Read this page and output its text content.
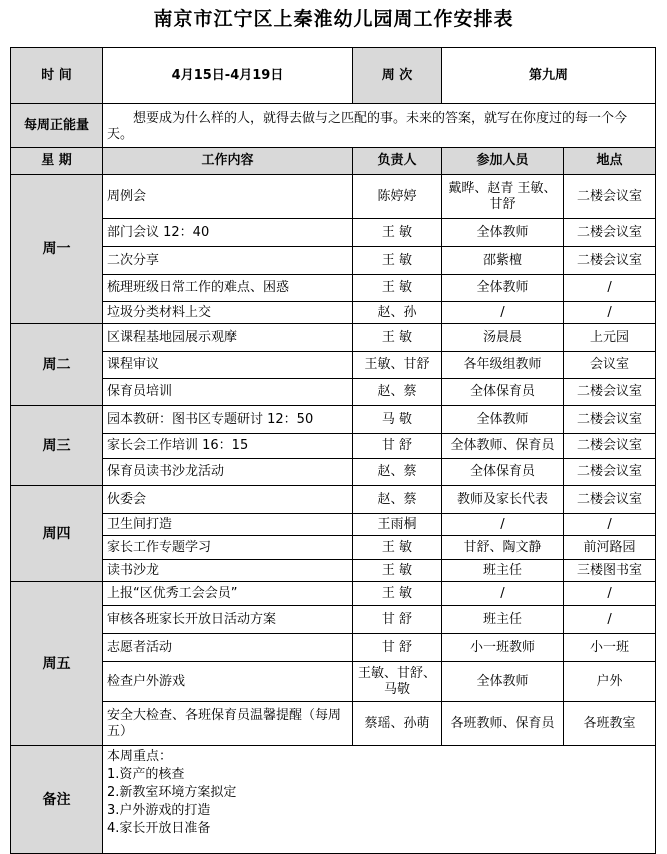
南京市江宁区上秦淮幼儿园周工作安排表
时 间	4月15日-4月19日	周 次	第九周	
每周正能量	想要成为什么样的人，就得去做与之匹配的事。未来的答案，就写在你度过的每一个今天。			
星 期	工作内容	负责人	参加人员	地点
周一	周例会	陈婷婷	戴晔、赵青 王敏、甘舒	二楼会议室
	部门会议 12：40	王 敏	全体教师	二楼会议室
	二次分享	王 敏	邵紫檀	二楼会议室
	梳理班级日常工作的难点、困惑	王 敏	全体教师	/
	垃圾分类材料上交	赵、孙	/	/
周二	区课程基地园展示观摩	王 敏	汤晨晨	上元园
	课程审议	王敏、甘舒	各年级组教师	会议室
	保育员培训	赵、蔡	全体保育员	二楼会议室
周三	园本教研：图书区专题研讨 12：50	马 敬	全体教师	二楼会议室
	家长会工作培训 16：15	甘 舒	全体教师、保育员	二楼会议室
	保育员读书沙龙活动	赵、蔡	全体保育员	二楼会议室
周四	伙委会	赵、蔡	教师及家长代表	二楼会议室
	卫生间打造	王雨桐	/	/
	家长工作专题学习	王 敏	甘舒、陶文静	前河路园
	读书沙龙	王 敏	班主任	三楼图书室
周五	上报“区优秀工会会员”	王 敏	/	/
	审核各班家长开放日活动方案	甘 舒	班主任	/
	志愿者活动	甘 舒	小一班教师	小一班
	检查户外游戏	王敏、甘舒、马敬	全体教师	户外
	安全大检查、各班保育员温馨提醒（每周五）	蔡瑶、孙萌	各班教师、保育员	各班教室
备注	本周重点：
1.资产的核查
2.新教室环境方案拟定
3.户外游戏的打造
4.家长开放日准备			
